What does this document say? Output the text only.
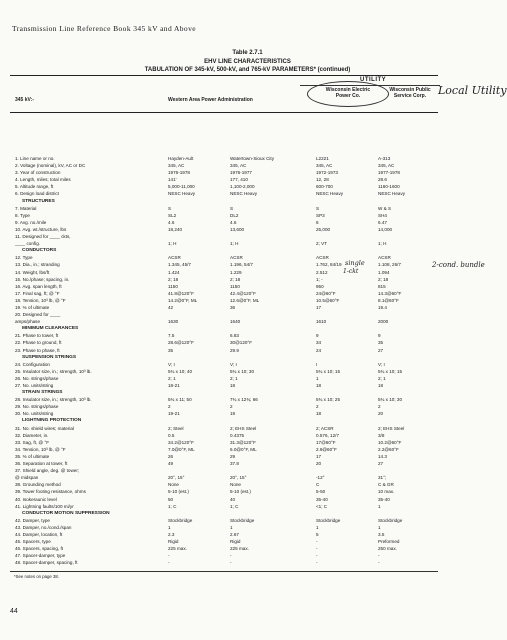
Transmission Line Reference Book 345 kV and Above
Table 2.7.1
EHV LINE CHARACTERISTICS
TABULATION OF 345-kV, 500-kV, and 765-kV PARAMETERS* (continued)
UTILITY
345 kV:-	Western Area Power Administration
Wisconsin Electric Power Co.
Wisconsin Public Service Corp.	Local Utility
single
1-ckt
2-cond. bundle
1. Line name or no.	Hayden-Ault	Watertown-Sioux City	L2221	A-313
2. Voltage (nominal), kV, AC or DC	345, AC	345, AC	345, AC	345, AC
3. Year of construction	1976-1978	1976-1977	1972-1973	1977-1978
4. Length, miles; total miles	141'	177, 410	12, 28	28.6
5. Altitude range, ft	5,000-11,000	1,100-2,000	600-700	1160-1600
6. Design load district	NESC Heavy	NESC Heavy	NESC Heavy	NESC Heavy
STRUCTURES
7. Material	S	S	S	W & S
8. Type	SL2	DL2	SP3	SH4
9. Avg. no./mile	4.6	4.6	6	6.47
10. Avg. wt./structure, lbs	18,240	13,600	25,000	14,000
11. Designed for ____ ckts,
____ config.	1; H	1; H	2; VT	1; H
CONDUCTORS
12. Type	ACSR	ACSR	ACSR	ACSR
13. Dia., in.; stranding	1.345, 45/7	1.196, 54/7	1.762, 84/19	1.108, 26/7
14. Weight, lbs/ft	1.424	1.229	2.512	1.094
15. No./phase; spacing, in.	2; 18	2; 18	1; -	2; 18
16. Avg. span length, ft	1150	1150	950	815
17. Final sag, ft; @ °F	41.8@120°F	42.4@120°F	24@60°F	14.3@60°F
18. Tension, 10³ lb, @ °F	14.2@0°F, ML	12.6@0°F, ML	10.5@60°F	8.1@60°F
19. % of ultimate	42	36	17	19.4
20. Designed for ____
amps/phase	1630	1640	1610	2000
MINIMUM CLEARANCES
21. Phase to tower, ft	7.5	6.83	9	9
22. Phase to ground, ft	28.6@120°F	30@120°F	34	35
23. Phase to phase, ft	35	29.9	24	27
SUSPENSION STRINGS
24. Configuration	V; I	V; I	I	V; I
25. Insulator size, in.; strength, 10³ lb.	5¾ x 10; 40	5¾ x 10; 30	5¾ x 10; 15	5¾ x 10; 15
26. No. strings/phase	2; 1	2; 1	1	2; 1
27. No. units/string	18-21	18	18	18
STRAIN STRINGS
28. Insulator size, in.; strength, 10³ lb.	5¾ x 11; 50	7¾ x 12¾; 66	5¾ x 10; 25	5¾ x 10; 30
29. No. strings/phase	2	2	2	2
30. No. units/string	19-21	19	18	20
LIGHTNING PROTECTION
31. No. shield wires; material	2; Steel	2; EHS Steel	2; ACSR	2; EHS Steel
32. Diameter, in.	0.5	0.4375	0.576, 12/7	3/8
33. Sag, ft, @ °F	34.2@120°F	31.3@120°F	17@60°F	10.2@60°F
34. Tension, 10³ lb, @ °F	7.0@0°F, ML	6.0@0°F, ML	2.9@60°F	2.2@60°F
35. % of ultimate	26	29	17	14.3
36. Separation at tower, ft	49	37.8	20	27
37. Shield angle, deg. @ tower;
@ midspan	20°, 15°	20°, 15°	-12°	31°;
38. Grounding method	None	None	C	C & GR
39. Tower footing resistance, ohms	5-10 (est.)	5-10 (est.)	5-50	10 max.
40. Isokeraunic level	50	40	35-40	35-40
41. Lightning faults/100 mi/yr	1; C	1; C	<1; C	1
CONDUCTOR MOTION SUPPRESSION
42. Damper, type	Stockbridge	Stockbridge	Stockbridge	Stockbridge
43. Damper, no./cond./span	1	1	1	1
44. Damper, location, ft	2.3	2.67	5	3.5
45. Spacers, type	Rigid	Rigid	-	Preformed
46. Spacers, spacing, ft	225 max.	225 max.	-	250 max.
47. Spacer-damper, type	-	-	-	-
48. Spacer-damper, spacing, ft	-	-	-	-
*See notes on page 38.
44
